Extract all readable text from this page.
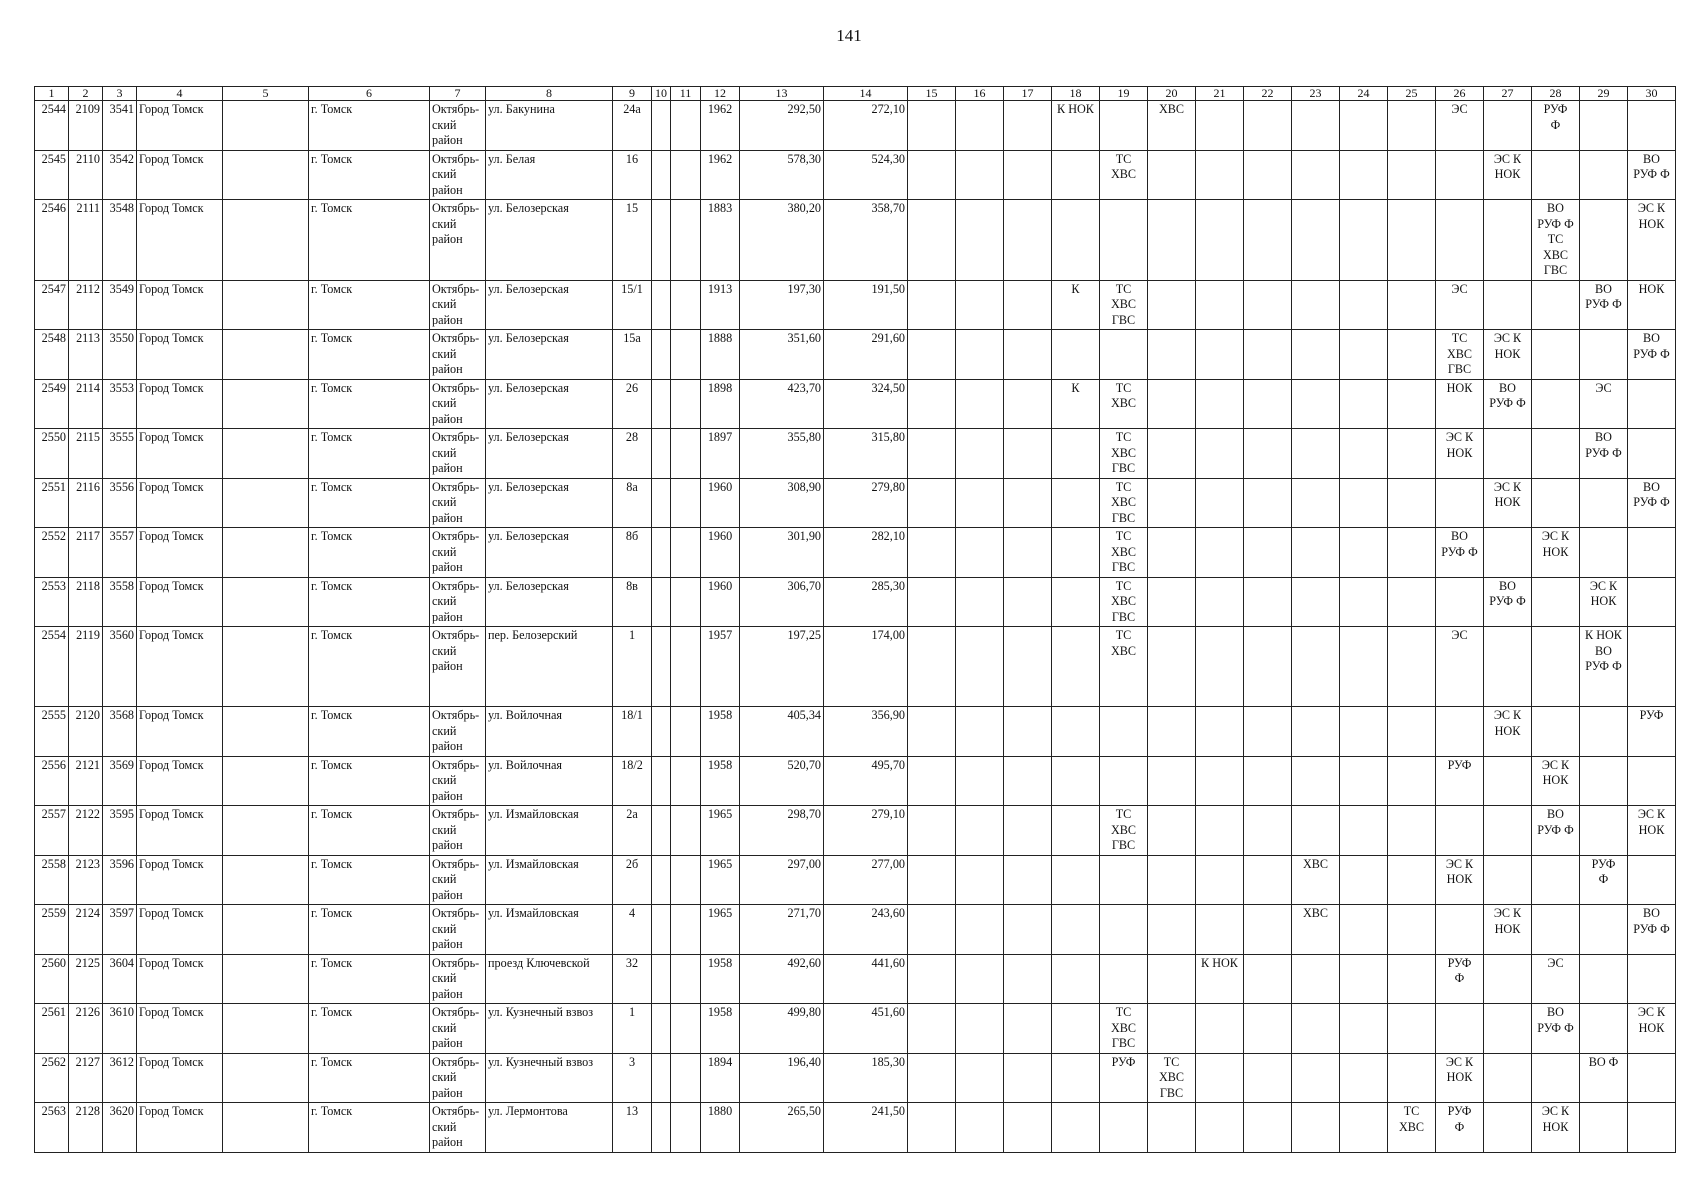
141
1	2	3	4	5	6	7	8	9	10	11	12	13	14	15	16	17	18	19	20	21	22	23	24	25	26	27	28	29	30
2544	2109	3541	Город Томск		г. Томск	Октябрь-
ский
район	ул. Бакунина	24а			1962	292,50	272,10				К НОК		ХВС						ЭС		РУФ
Ф		
2545	2110	3542	Город Томск		г. Томск	Октябрь-
ский
район	ул. Белая	16			1962	578,30	524,30					ТС
ХВС								ЭС К
НОК			ВО
РУФ Ф
2546	2111	3548	Город Томск		г. Томск	Октябрь-
ский
район	ул. Белозерская	15			1883	380,20	358,70														ВО
РУФ Ф
ТС
ХВС
ГВС		ЭС К
НОК
2547	2112	3549	Город Томск		г. Томск	Октябрь-
ский
район	ул. Белозерская	15/1			1913	197,30	191,50				К	ТС
ХВС
ГВС							ЭС			ВО
РУФ Ф	НОК
2548	2113	3550	Город Томск		г. Томск	Октябрь-
ский
район	ул. Белозерская	15а			1888	351,60	291,60												ТС
ХВС
ГВС	ЭС К
НОК			ВО
РУФ Ф
2549	2114	3553	Город Томск		г. Томск	Октябрь-
ский
район	ул. Белозерская	26			1898	423,70	324,50				К	ТС
ХВС							НОК	ВО
РУФ Ф		ЭС	
2550	2115	3555	Город Томск		г. Томск	Октябрь-
ский
район	ул. Белозерская	28			1897	355,80	315,80					ТС
ХВС
ГВС							ЭС К
НОК			ВО
РУФ Ф	
2551	2116	3556	Город Томск		г. Томск	Октябрь-
ский
район	ул. Белозерская	8а			1960	308,90	279,80					ТС
ХВС
ГВС								ЭС К
НОК			ВО
РУФ Ф
2552	2117	3557	Город Томск		г. Томск	Октябрь-
ский
район	ул. Белозерская	8б			1960	301,90	282,10					ТС
ХВС
ГВС							ВО
РУФ Ф		ЭС К
НОК		
2553	2118	3558	Город Томск		г. Томск	Октябрь-
ский
район	ул. Белозерская	8в			1960	306,70	285,30					ТС
ХВС
ГВС								ВО
РУФ Ф		ЭС К
НОК	
2554	2119	3560	Город Томск		г. Томск	Октябрь-
ский
район	пер. Белозерский	1			1957	197,25	174,00					ТС
ХВС							ЭС			К НОК
ВО
РУФ Ф	
2555	2120	3568	Город Томск		г. Томск	Октябрь-
ский
район	ул. Войлочная	18/1			1958	405,34	356,90													ЭС К
НОК			РУФ
2556	2121	3569	Город Томск		г. Томск	Октябрь-
ский
район	ул. Войлочная	18/2			1958	520,70	495,70												РУФ		ЭС К
НОК		
2557	2122	3595	Город Томск		г. Томск	Октябрь-
ский
район	ул. Измайловская	2а			1965	298,70	279,10					ТС
ХВС
ГВС									ВО
РУФ Ф		ЭС К
НОК
2558	2123	3596	Город Томск		г. Томск	Октябрь-
ский
район	ул. Измайловская	2б			1965	297,00	277,00									ХВС			ЭС К
НОК			РУФ
Ф	
2559	2124	3597	Город Томск		г. Томск	Октябрь-
ский
район	ул. Измайловская	4			1965	271,70	243,60									ХВС				ЭС К
НОК			ВО
РУФ Ф
2560	2125	3604	Город Томск		г. Томск	Октябрь-
ский
район	проезд Ключевской	32			1958	492,60	441,60							К НОК					РУФ
Ф		ЭС		
2561	2126	3610	Город Томск		г. Томск	Октябрь-
ский
район	ул. Кузнечный взвоз	1			1958	499,80	451,60					ТС
ХВС
ГВС									ВО
РУФ Ф		ЭС К
НОК
2562	2127	3612	Город Томск		г. Томск	Октябрь-
ский
район	ул. Кузнечный взвоз	3			1894	196,40	185,30					РУФ	ТС
ХВС
ГВС						ЭС К
НОК			ВО Ф	
2563	2128	3620	Город Томск		г. Томск	Октябрь-
ский
район	ул. Лермонтова	13			1880	265,50	241,50											ТС
ХВС	РУФ
Ф		ЭС К
НОК		
